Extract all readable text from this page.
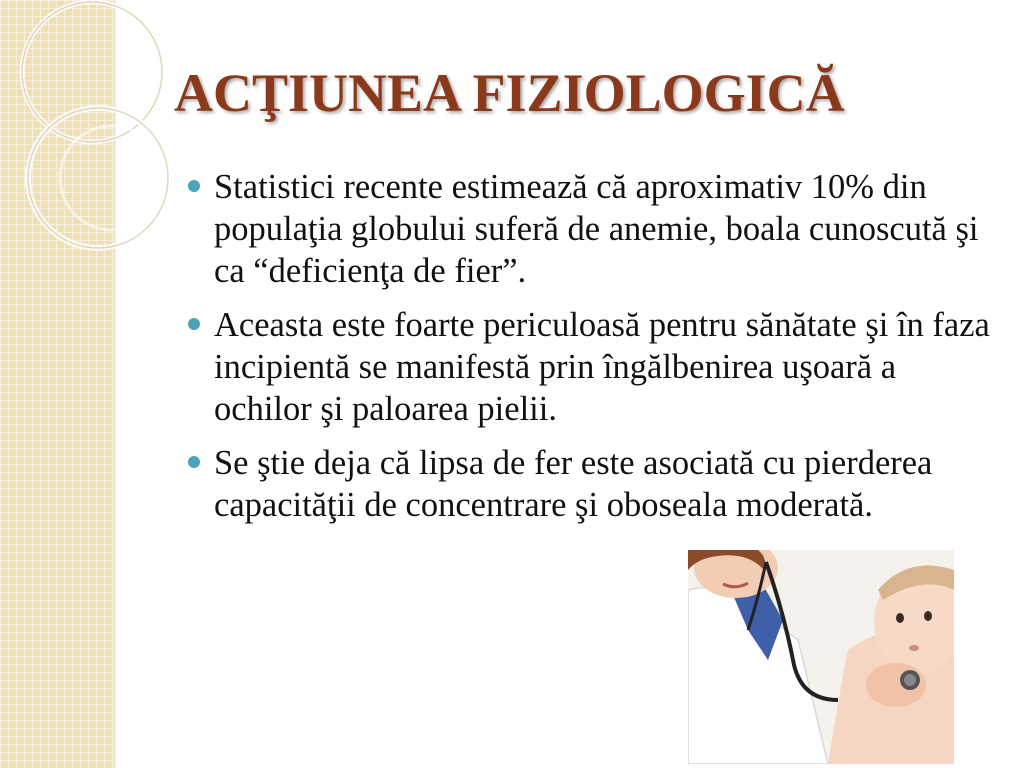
ACŢIUNEA FIZIOLOGICĂ
Statistici recente estimează că aproximativ 10% din populaţia globului suferă de anemie, boala cunoscută şi ca “deficienţa de fier”.
Aceasta este foarte periculoasă pentru sănătate şi în faza incipientă se manifestă prin îngălbenirea uşoară a ochilor şi paloarea pielii.
Se ştie deja că lipsa de fer este asociată cu pierderea capacităţii de concentrare şi oboseala moderată.
